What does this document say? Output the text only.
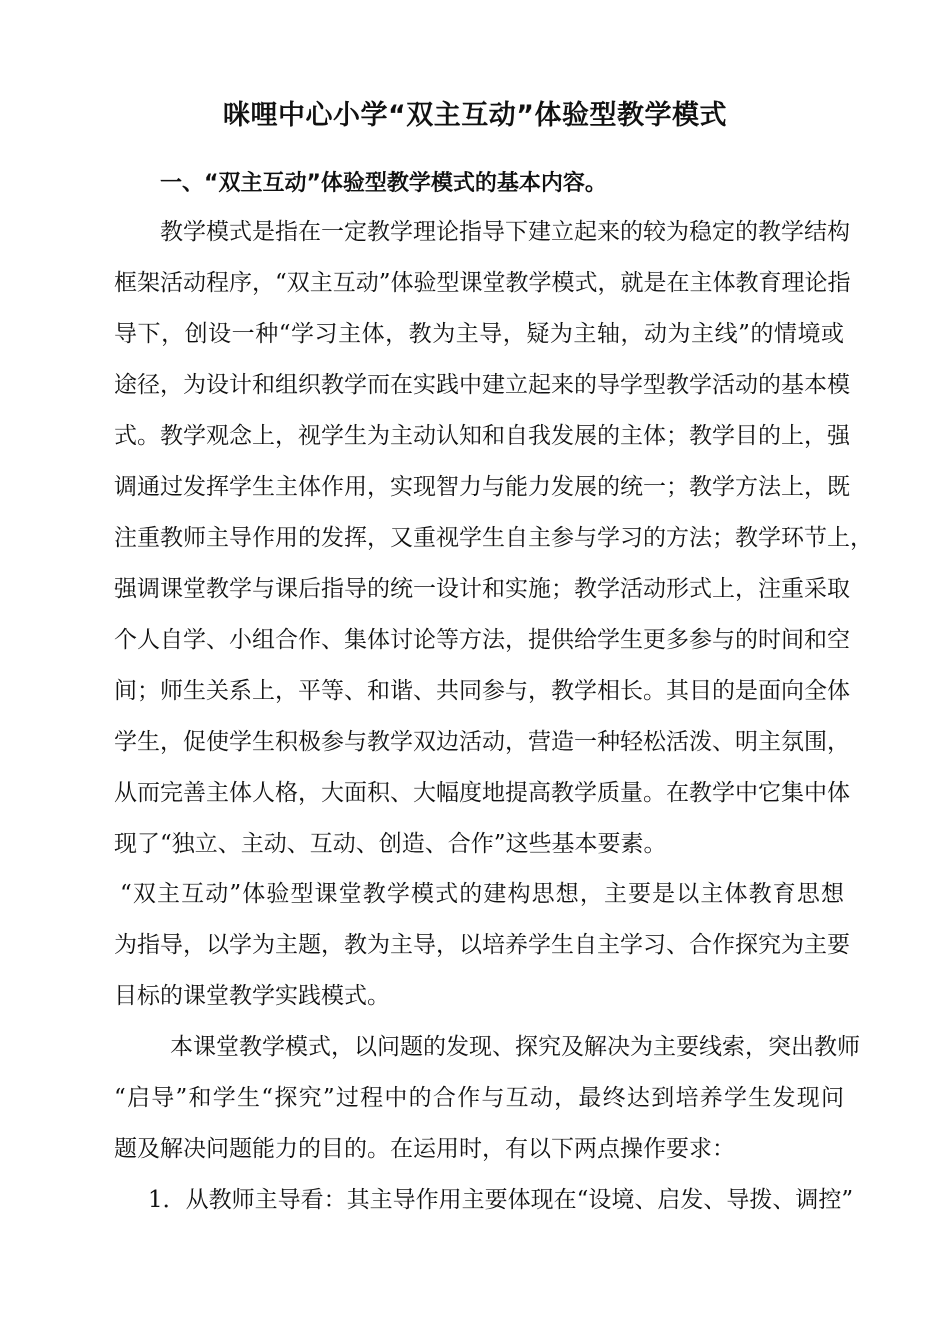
咪哩中心小学“双主互动”体验型教学模式
一、“双主互动”体验型教学模式的基本内容。
教学模式是指在一定教学理论指导下建立起来的较为稳定的教学结构
框架活动程序，“双主互动”体验型课堂教学模式，就是在主体教育理论指
导下，创设一种“学习主体，教为主导，疑为主轴，动为主线”的情境或
途径，为设计和组织教学而在实践中建立起来的导学型教学活动的基本模
式。教学观念上，视学生为主动认知和自我发展的主体；教学目的上，强
调通过发挥学生主体作用，实现智力与能力发展的统一；教学方法上，既
注重教师主导作用的发挥，又重视学生自主参与学习的方法；教学环节上，
强调课堂教学与课后指导的统一设计和实施；教学活动形式上，注重采取
个人自学、小组合作、集体讨论等方法，提供给学生更多参与的时间和空
间；师生关系上，平等、和谐、共同参与，教学相长。其目的是面向全体
学生，促使学生积极参与教学双边活动，营造一种轻松活泼、明主氛围，
从而完善主体人格，大面积、大幅度地提高教学质量。在教学中它集中体
现了“独立、主动、互动、创造、合作”这些基本要素。
“双主互动”体验型课堂教学模式的建构思想，主要是以主体教育思想
为指导，以学为主题，教为主导，以培养学生自主学习、合作探究为主要
目标的课堂教学实践模式。
本课堂教学模式，以问题的发现、探究及解决为主要线索，突出教师
“启导”和学生“探究”过程中的合作与互动，最终达到培养学生发现问
题及解决问题能力的目的。在运用时，有以下两点操作要求：
1．从教师主导看：其主导作用主要体现在“设境、启发、导拨、调控”
